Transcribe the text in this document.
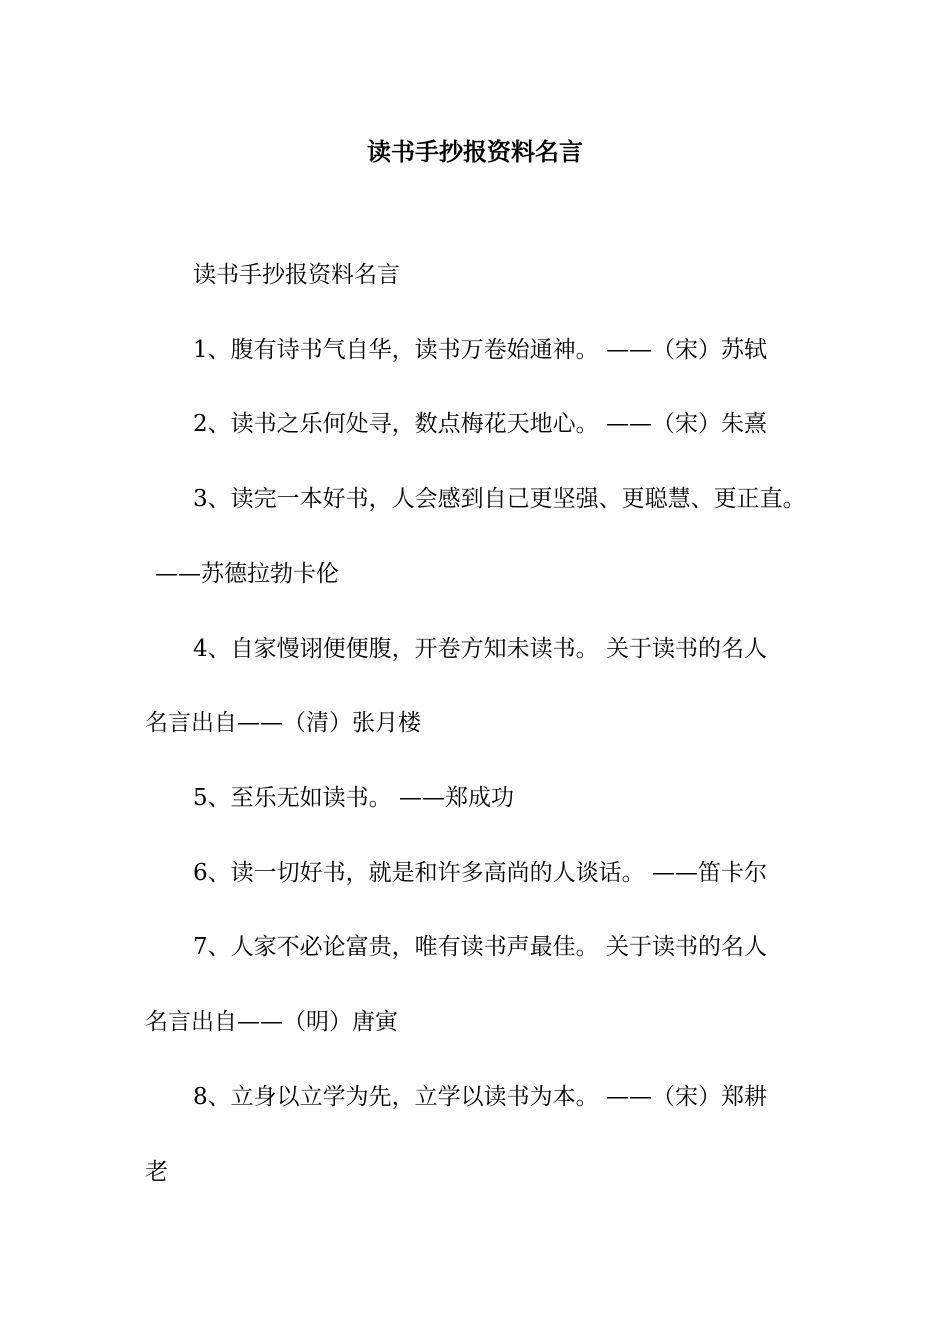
读书手抄报资料名言

读书手抄报资料名言

1、腹有诗书气自华，读书万卷始通神。 ——（宋）苏轼

2、读书之乐何处寻，数点梅花天地心。 ——（宋）朱熹

3、读完一本好书，人会感到自己更坚强、更聪慧、更正直。

——苏德拉勃卡伦

4、自家慢诩便便腹，开卷方知未读书。 关于读书的名人

名言出自——（清）张月楼

5、至乐无如读书。 ——郑成功

6、读一切好书，就是和许多高尚的人谈话。 ——笛卡尔

7、人家不必论富贵，唯有读书声最佳。 关于读书的名人

名言出自——（明）唐寅

8、立身以立学为先，立学以读书为本。 ——（宋）郑耕

老
